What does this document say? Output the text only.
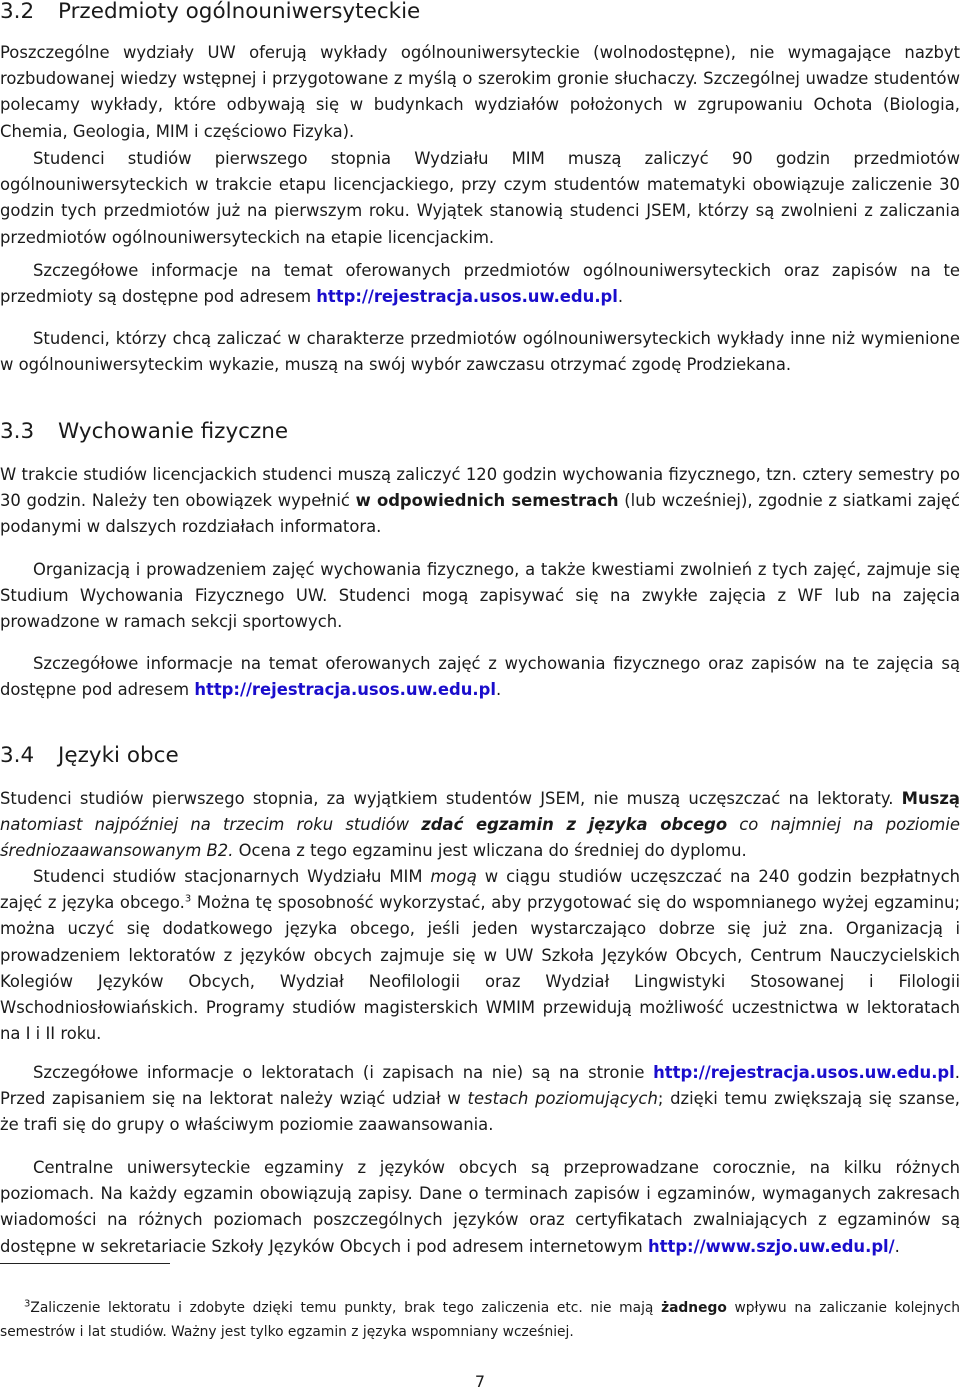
3.2 Przedmioty ogólnouniwersyteckie

Poszczególne wydziały UW oferują wykłady ogólnouniwersyteckie (wolnodostępne), nie wymagające nazbyt rozbudowanej wiedzy wstępnej i przygotowane z myślą o szerokim gronie słuchaczy. Szczególnej uwadze studentów polecamy wykłady, które odbywają się w budynkach wydziałów położonych w zgrupowaniu Ochota (Biologia, Chemia, Geologia, MIM i częściowo Fizyka).

Studenci studiów pierwszego stopnia Wydziału MIM muszą zaliczyć 90 godzin przedmiotów ogólnouniwersyteckich w trakcie etapu licencjackiego, przy czym studentów matematyki obowiązuje zaliczenie 30 godzin tych przedmiotów już na pierwszym roku. Wyjątek stanowią studenci JSEM, którzy są zwolnieni z zaliczania przedmiotów ogólnouniwersyteckich na etapie licencjackim.

Szczegółowe informacje na temat oferowanych przedmiotów ogólnouniwersyteckich oraz zapisów na te przedmioty są dostępne pod adresem http://rejestracja.usos.uw.edu.pl.

Studenci, którzy chcą zaliczać w charakterze przedmiotów ogólnouniwersyteckich wykłady inne niż wymienione w ogólnouniwersyteckim wykazie, muszą na swój wybór zawczasu otrzymać zgodę Prodziekana.

3.3 Wychowanie fizyczne

W trakcie studiów licencjackich studenci muszą zaliczyć 120 godzin wychowania fizycznego, tzn. cztery semestry po 30 godzin. Należy ten obowiązek wypełnić w odpowiednich semestrach (lub wcześniej), zgodnie z siatkami zajęć podanymi w dalszych rozdziałach informatora.

Organizacją i prowadzeniem zajęć wychowania fizycznego, a także kwestiami zwolnień z tych zajęć, zajmuje się Studium Wychowania Fizycznego UW. Studenci mogą zapisywać się na zwykłe zajęcia z WF lub na zajęcia prowadzone w ramach sekcji sportowych.

Szczegółowe informacje na temat oferowanych zajęć z wychowania fizycznego oraz zapisów na te zajęcia są dostępne pod adresem http://rejestracja.usos.uw.edu.pl.

3.4 Języki obce

Studenci studiów pierwszego stopnia, za wyjątkiem studentów JSEM, nie muszą uczęszczać na lektoraty. Muszą natomiast najpóźniej na trzecim roku studiów zdać egzamin z języka obcego co najmniej na poziomie średniozaawansowanym B2. Ocena z tego egzaminu jest wliczana do średniej do dyplomu.

Studenci studiów stacjonarnych Wydziału MIM mogą w ciągu studiów uczęszczać na 240 godzin bezpłatnych zajęć z języka obcego.$^3$ Można tę sposobność wykorzystać, aby przygotować się do wspomnianego wyżej egzaminu; można uczyć się dodatkowego języka obcego, jeśli jeden wystarczająco dobrze się już zna. Organizacją i prowadzeniem lektoratów z języków obcych zajmuje się w UW Szkoła Języków Obcych, Centrum Nauczycielskich Kolegiów Języków Obcych, Wydział Neofilologii oraz Wydział Lingwistyki Stosowanej i Filologii Wschodniosłowiańskich. Programy studiów magisterskich WMIM przewidują możliwość uczestnictwa w lektoratach na I i II roku.

Szczegółowe informacje o lektoratach (i zapisach na nie) są na stronie http://rejestracja.usos.uw.edu.pl. Przed zapisaniem się na lektorat należy wziąć udział w testach poziomujących; dzięki temu zwiększają się szanse, że trafi się do grupy o właściwym poziomie zaawansowania.

Centralne uniwersyteckie egzaminy z języków obcych są przeprowadzane corocznie, na kilku różnych poziomach. Na każdy egzamin obowiązują zapisy. Dane o terminach zapisów i egzaminów, wymaganych zakresach wiadomości na różnych poziomach poszczególnych języków oraz certyfikatach zwalniających z egzaminów są dostępne w sekretariacie Szkoły Języków Obcych i pod adresem internetowym http://www.szjo.uw.edu.pl/.

$^3$Zaliczenie lektoratu i zdobyte dzięki temu punkty, brak tego zaliczenia etc. nie mają żadnego wpływu na zaliczanie kolejnych semestrów i lat studiów. Ważny jest tylko egzamin z języka wspomniany wcześniej.
7
